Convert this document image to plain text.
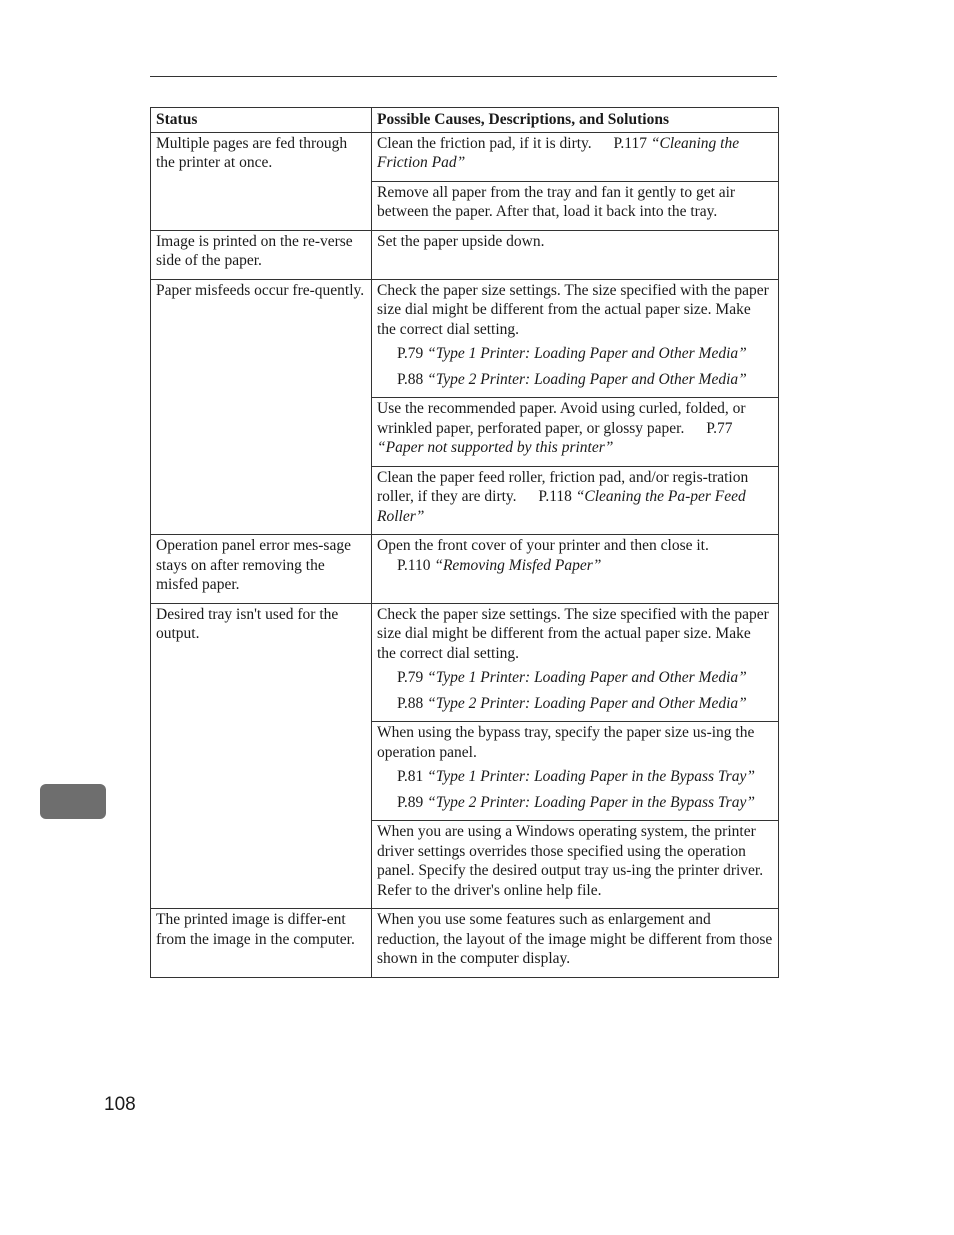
Status	Possible Causes, Descriptions, and Solutions
Multiple pages are fed through the printer at once.	Clean the friction pad, if it is dirty. P.117 “Cleaning the Friction Pad”
	Remove all paper from the tray and fan it gently to get air between the paper. After that, load it back into the tray.
Image is printed on the re-verse side of the paper.	Set the paper upside down.
Paper misfeeds occur fre-quently.	Check the paper size settings. The size specified with the paper size dial might be different from the actual paper size. Make the correct dial setting.
P.79 “Type 1 Printer: Loading Paper and Other Media”
P.88 “Type 2 Printer: Loading Paper and Other Media”

	Use the recommended paper. Avoid using curled, folded, or wrinkled paper, perforated paper, or glossy paper. P.77 “Paper not supported by this printer”
	Clean the paper feed roller, friction pad, and/or regis-tration roller, if they are dirty. P.118 “Cleaning the Pa-per Feed Roller”
Operation panel error mes-sage stays on after removing the misfed paper.	Open the front cover of your printer and then close it.
P.110 “Removing Misfed Paper”

Desired tray isn't used for the output.	Check the paper size settings. The size specified with the paper size dial might be different from the actual paper size. Make the correct dial setting.
P.79 “Type 1 Printer: Loading Paper and Other Media”
P.88 “Type 2 Printer: Loading Paper and Other Media”

	When using the bypass tray, specify the paper size us-ing the operation panel.
P.81 “Type 1 Printer: Loading Paper in the Bypass Tray”
P.89 “Type 2 Printer: Loading Paper in the Bypass Tray”

	When you are using a Windows operating system, the printer driver settings overrides those specified using the operation panel. Specify the desired output tray us-ing the printer driver. Refer to the driver's online help file.
The printed image is differ-ent from the image in the computer.	When you use some features such as enlargement and reduction, the layout of the image might be different from those shown in the computer display.
108
